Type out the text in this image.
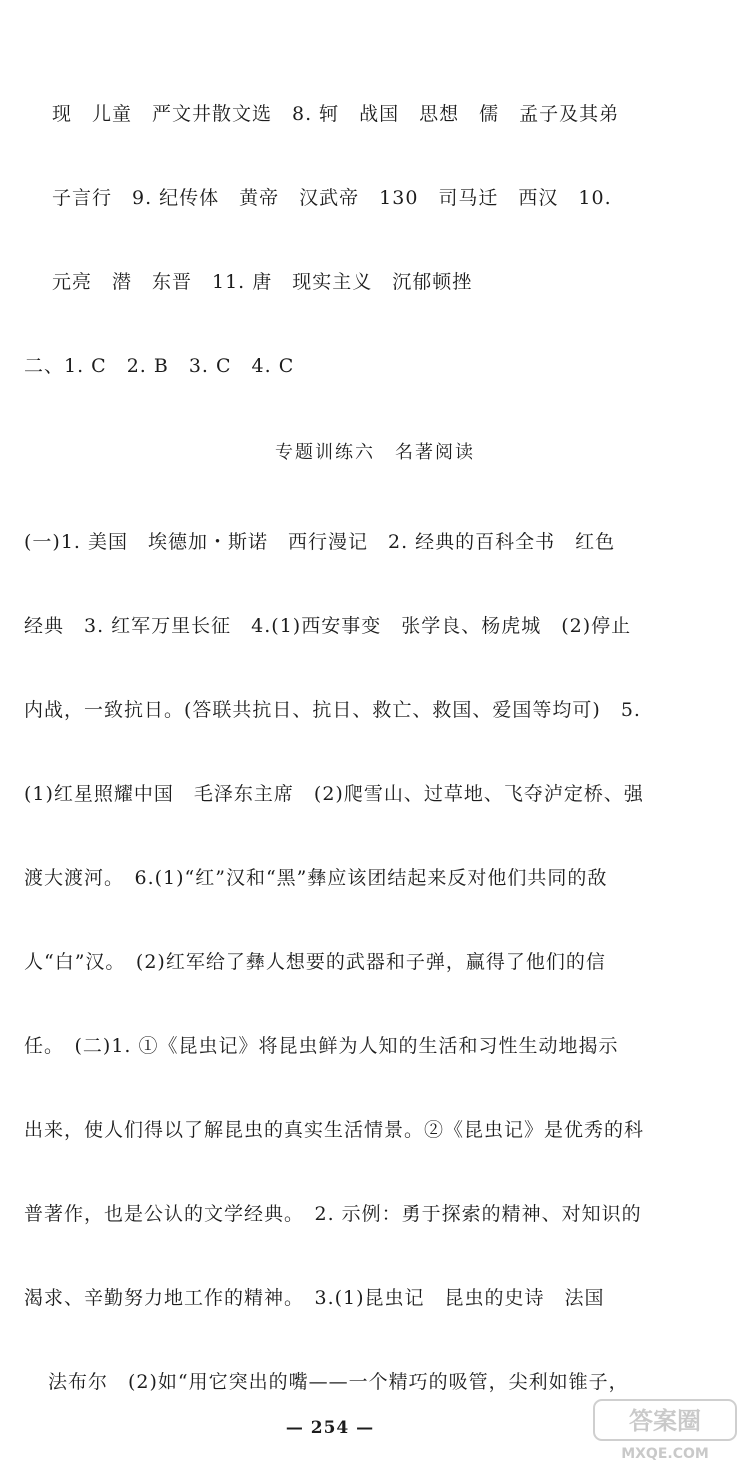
现　儿童　严文井散文选　8. 轲　战国　思想　儒　孟子及其弟
子言行　9. 纪传体　黄帝　汉武帝　130　司马迁　西汉　10.
元亮　潜　东晋　11. 唐　现实主义　沉郁顿挫
二、1. C　2. B　3. C　4. C
专题训练六　名著阅读
(一)1. 美国　埃德加・斯诺　西行漫记　2. 经典的百科全书　红色
经典　3. 红军万里长征　4.(1)西安事变　张学良、杨虎城　(2)停止
内战，一致抗日。(答联共抗日、抗日、救亡、救国、爱国等均可)　5.
(1)红星照耀中国　毛泽东主席　(2)爬雪山、过草地、飞夺泸定桥、强
渡大渡河。　6.(1)“红”汉和“黑”彝应该团结起来反对他们共同的敌
人“白”汉。　(2)红军给了彝人想要的武器和子弹，赢得了他们的信
任。　(二)1. ①《昆虫记》将昆虫鲜为人知的生活和习性生动地揭示
出来，使人们得以了解昆虫的真实生活情景。②《昆虫记》是优秀的科
普著作，也是公认的文学经典。　2. 示例：勇于探索的精神、对知识的
渴求、辛勤努力地工作的精神。　3.(1)昆虫记　昆虫的史诗　法国
法布尔　(2)如“用它突出的嘴——一个精巧的吸管，尖利如锥子，
— 254 —	答案圈
MXQE.COM
